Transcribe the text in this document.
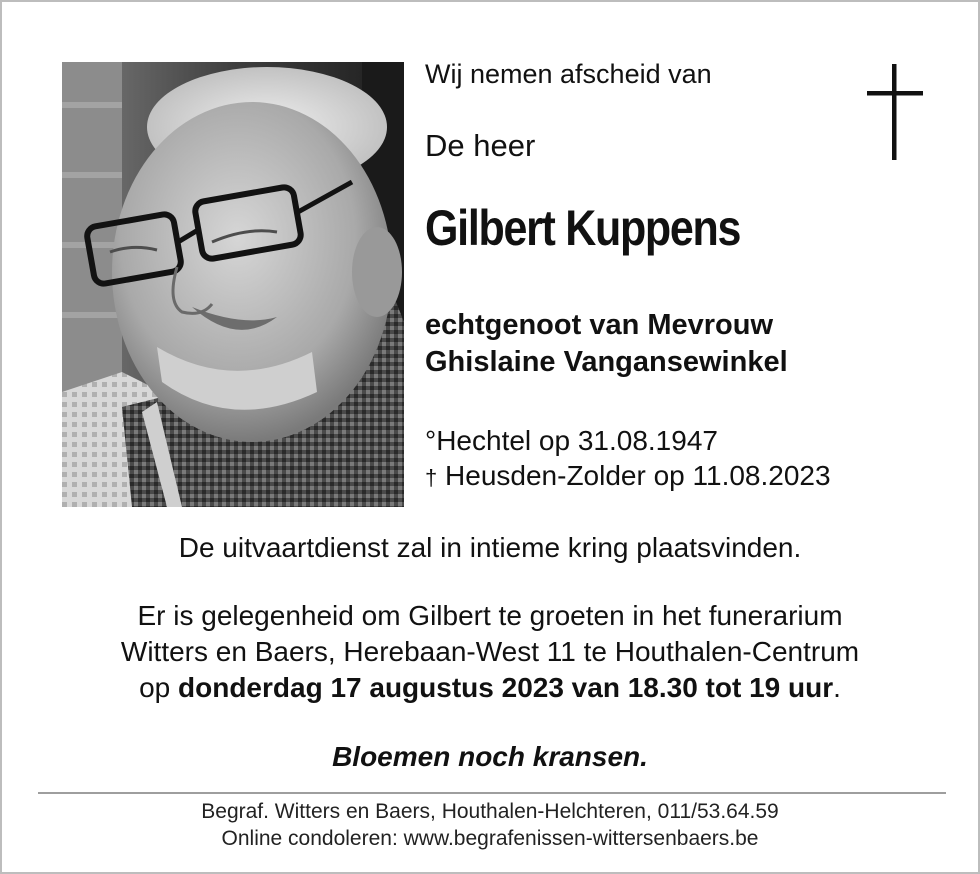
Wij nemen afscheid van
De heer
Gilbert Kuppens
echtgenoot van Mevrouw
Ghislaine Vangansewinkel
°Hechtel op 31.08.1947
† Heusden-Zolder op 11.08.2023
De uitvaartdienst zal in intieme kring plaatsvinden.
Er is gelegenheid om Gilbert te groeten in het funerarium
Witters en Baers, Herebaan-West 11 te Houthalen-Centrum
op donderdag 17 augustus 2023 van 18.30 tot 19 uur.
Bloemen noch kransen.
Begraf. Witters en Baers, Houthalen-Helchteren, 011/53.64.59
Online condoleren: www.begrafenissen-wittersenbaers.be
